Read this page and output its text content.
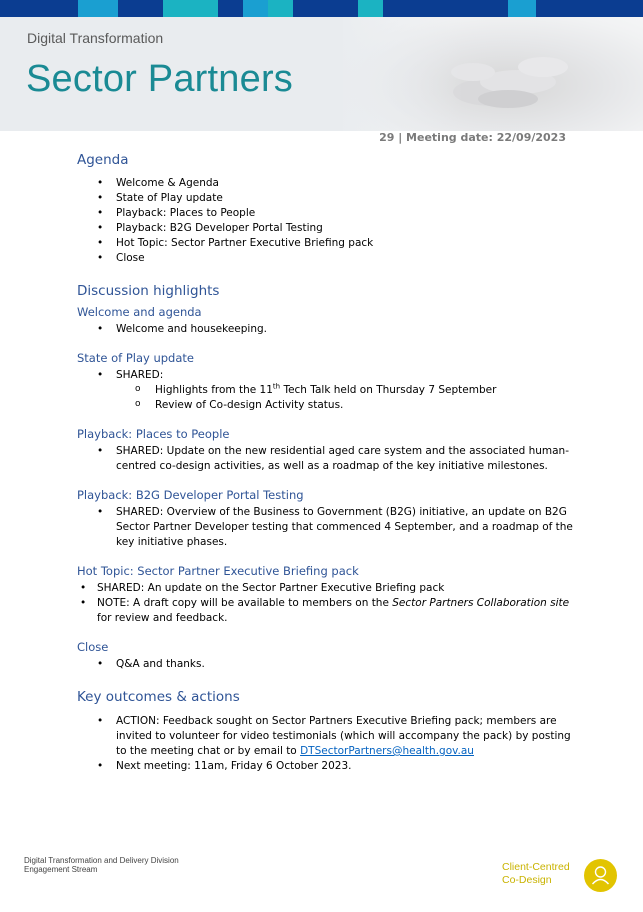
Digital Transformation
Sector Partners
29 | Meeting date: 22/09/2023
Agenda
• Welcome & Agenda
• State of Play update
• Playback: Places to People
• Playback: B2G Developer Portal Testing
• Hot Topic: Sector Partner Executive Briefing pack
• Close
Discussion highlights
Welcome and agenda
• Welcome and housekeeping.
State of Play update
• SHARED:
o Highlights from the 11th Tech Talk held on Thursday 7 September
o Review of Co-design Activity status.
Playback: Places to People
• SHARED: Update on the new residential aged care system and the associated human-centred co-design activities, as well as a roadmap of the key initiative milestones.
Playback: B2G Developer Portal Testing
• SHARED: Overview of the Business to Government (B2G) initiative, an update on B2G Sector Partner Developer testing that commenced 4 September, and a roadmap of the key initiative phases.
Hot Topic: Sector Partner Executive Briefing pack
• SHARED: An update on the Sector Partner Executive Briefing pack
• NOTE: A draft copy will be available to members on the Sector Partners Collaboration site for review and feedback.
Close
• Q&A and thanks.
Key outcomes & actions
• ACTION: Feedback sought on Sector Partners Executive Briefing pack; members are invited to volunteer for video testimonials (which will accompany the pack) by posting to the meeting chat or by email to DTSectorPartners@health.gov.au
• Next meeting: 11am, Friday 6 October 2023.
Digital Transformation and Delivery Division
Engagement Stream	Client-Centred
Co-Design
